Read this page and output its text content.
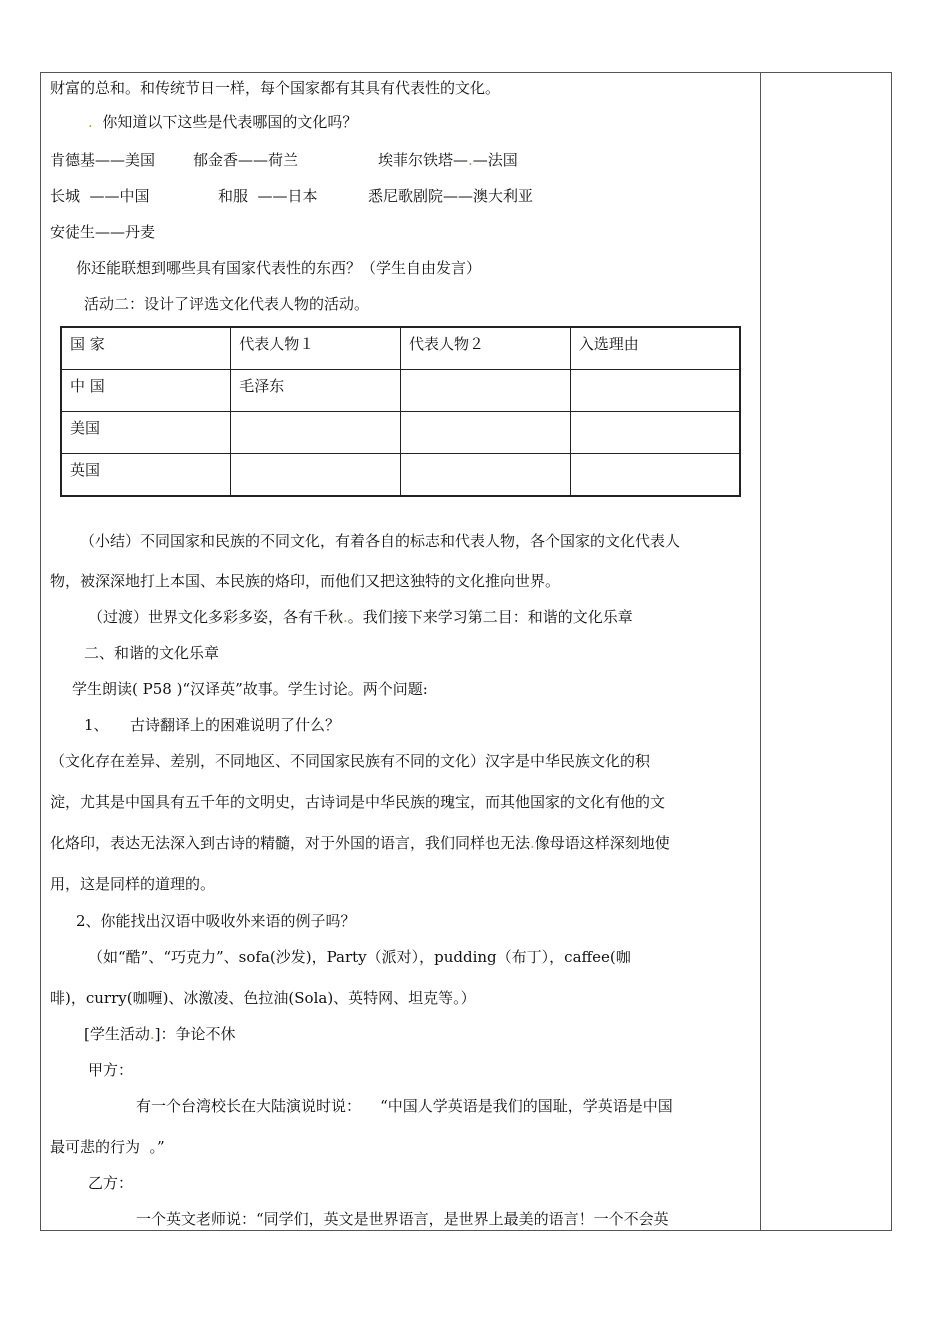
财富的总和。和传统节日一样，每个国家都有其具有代表性的文化。
. 你知道以下这些是代表哪国的文化吗？
肯德基——美国	郁金香——荷兰	埃菲尔铁塔—.—法国
长城  ——中国	和服  ——日本	悉尼歌剧院——澳大利亚
安徒生——丹麦
你还能联想到哪些具有国家代表性的东西？（学生自由发言）
活动二：设计了评选文化代表人物的活动。
国 家	代表人物１	代表人物２	入选理由
中 国	毛泽东		
美国			
英国			
（小结）不同国家和民族的不同文化，有着各自的标志和代表人物，各个国家的文化代表人
物，被深深地打上本国、本民族的烙印，而他们又把这独特的文化推向世界。
（过渡）世界文化多彩多姿，各有千秋.。我们接下来学习第二目：和谐的文化乐章
二、和谐的文化乐章
学生朗读( P58 )“汉译英”故事。学生讨论。两个问题:
1、 古诗翻译上的困难说明了什么？
（文化存在差异、差别，不同地区、不同国家民族有不同的文化）汉字是中华民族文化的积
淀，尤其是中国具有五千年的文明史，古诗词是中华民族的瑰宝，而其他国家的文化有他的文
化烙印，表达无法深入到古诗的精髓，对于外国的语言，我们同样也无法.像母语这样深刻地使
用，这是同样的道理的。
2、你能找出汉语中吸收外来语的例子吗？
（如“酷”、“巧克力”、sofa(沙发)，Party（派对），pudding（布丁），caffee(咖
啡)，curry(咖喱)、冰激凌、色拉油(Sola)、英特网、坦克等。）
[学生活动.]：争论不休
甲方：
有一个台湾校长在大陆演说时说：    “中国人学英语是我们的国耻，学英语是中国
最可悲的行为  。”
乙方：
一个英文老师说：“同学们，英文是世界语言，是世界上最美的语言！一个不会英
